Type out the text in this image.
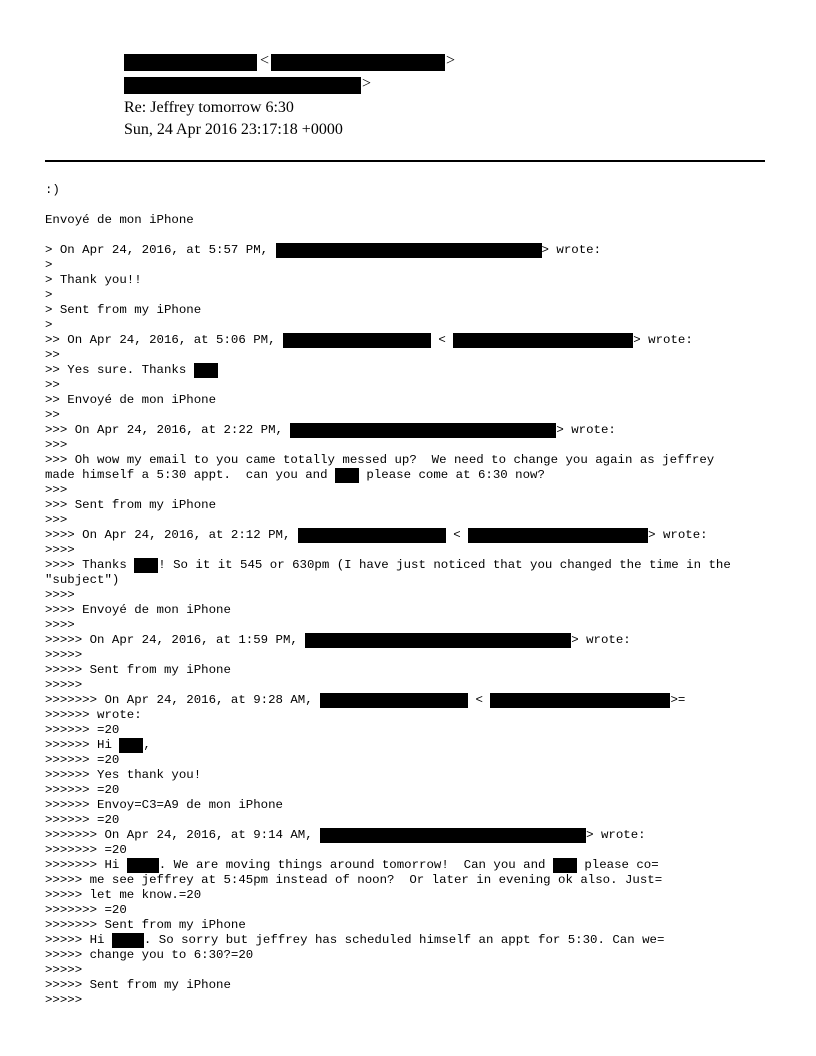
Re: Jeffrey tomorrow 6:30
Sun, 24 Apr 2016 23:17:18 +0000
<	>
>
:)
Envoyé de mon iPhone
> On Apr 24, 2016, at 5:57 PM,	> wrote:
>
> Thank you!!
>
> Sent from my iPhone
>
>> On Apr 24, 2016, at 5:06 PM,	<	> wrote:
>>
>> Yes sure. Thanks
>>
>> Envoyé de mon iPhone
>>
>>> On Apr 24, 2016, at 2:22 PM,	> wrote:
>>>
>>> Oh wow my email to you came totally messed up?  We need to change you again as jeffrey
made himself a 5:30 appt.  can you and  please come at 6:30 now?
>>>
>>> Sent from my iPhone
>>>
>>>> On Apr 24, 2016, at 2:12 PM,	<	> wrote:
>>>>
>>>> Thanks ! So it it 545 or 630pm (I have just noticed that you changed the time in the
"subject")
>>>>
>>>> Envoyé de mon iPhone
>>>>
>>>>> On Apr 24, 2016, at 1:59 PM,	> wrote:
>>>>>
>>>>> Sent from my iPhone
>>>>>
>>>>>>> On Apr 24, 2016, at 9:28 AM,	<	>=
>>>>>> wrote:
>>>>>> =20
>>>>>> Hi ,
>>>>>> =20
>>>>>> Yes thank you!
>>>>>> =20
>>>>>> Envoy=C3=A9 de mon iPhone
>>>>>> =20
>>>>>>> On Apr 24, 2016, at 9:14 AM,	> wrote:
>>>>>>> =20
>>>>>>> Hi	. We are moving things around tomorrow!  Can you and  please co=
>>>>> me see jeffrey at 5:45pm instead of noon?  Or later in evening ok also. Just=
>>>>> let me know.=20
>>>>>>> =20
>>>>>>> Sent from my iPhone
>>>>> Hi	. So sorry but jeffrey has scheduled himself an appt for 5:30. Can we=
>>>>> change you to 6:30?=20
>>>>>
>>>>> Sent from my iPhone
>>>>>
